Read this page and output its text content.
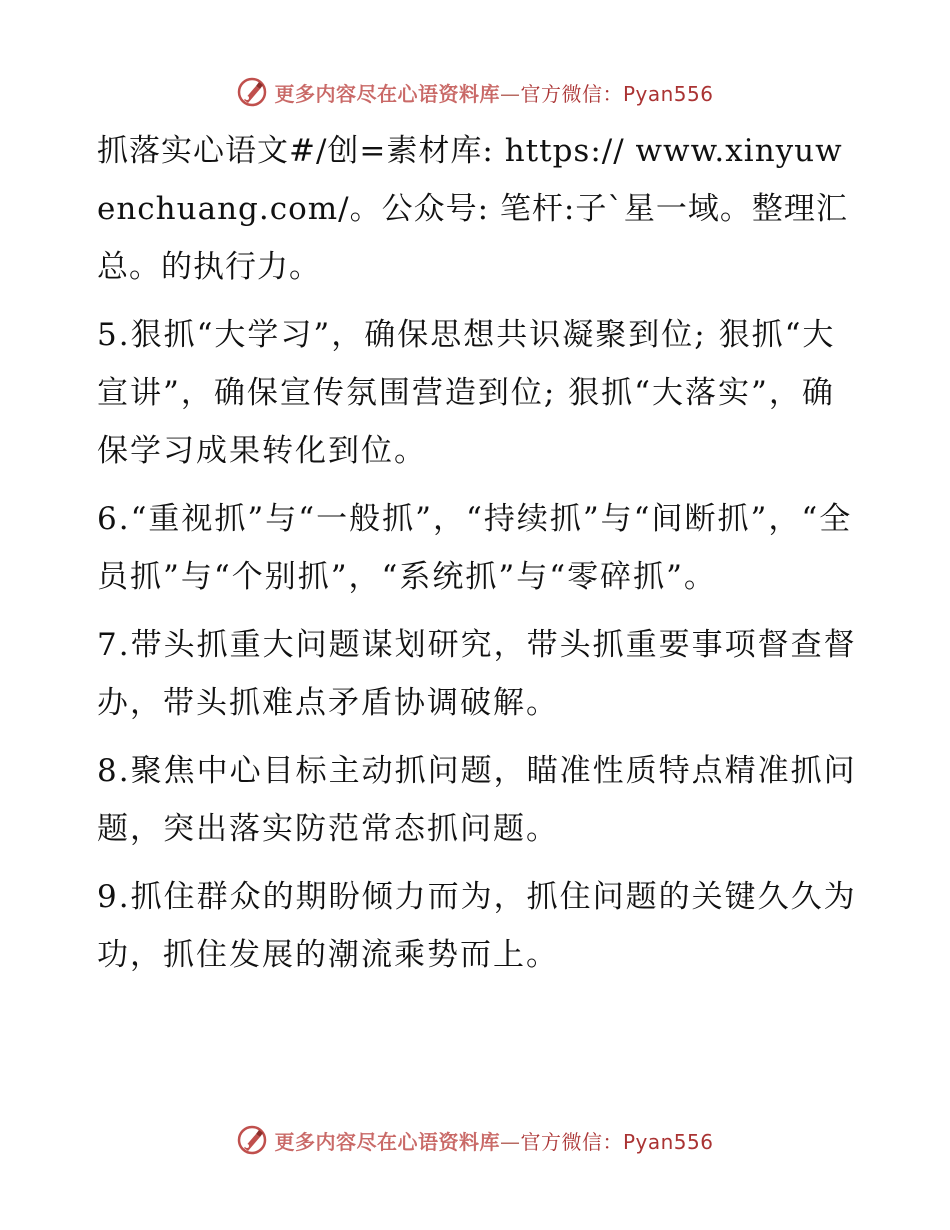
更多内容尽在心语资料库—官方微信：Pyan556

抓落实心语文#/创=素材库: https:// www.xinyuwenchuang.com/。公众号: 笔杆:子`星一域。整理汇总。的执行力。

5.狠抓“大学习”，确保思想共识凝聚到位; 狠抓“大宣讲”，确保宣传氛围营造到位; 狠抓“大落实”，确保学习成果转化到位。

6.“重视抓”与“一般抓”，“持续抓”与“间断抓”，“全员抓”与“个别抓”，“系统抓”与“零碎抓”。

7.带头抓重大问题谋划研究，带头抓重要事项督查督办，带头抓难点矛盾协调破解。

8.聚焦中心目标主动抓问题，瞄准性质特点精准抓问题，突出落实防范常态抓问题。

9.抓住群众的期盼倾力而为，抓住问题的关键久久为功，抓住发展的潮流乘势而上。

更多内容尽在心语资料库—官方微信：Pyan556
